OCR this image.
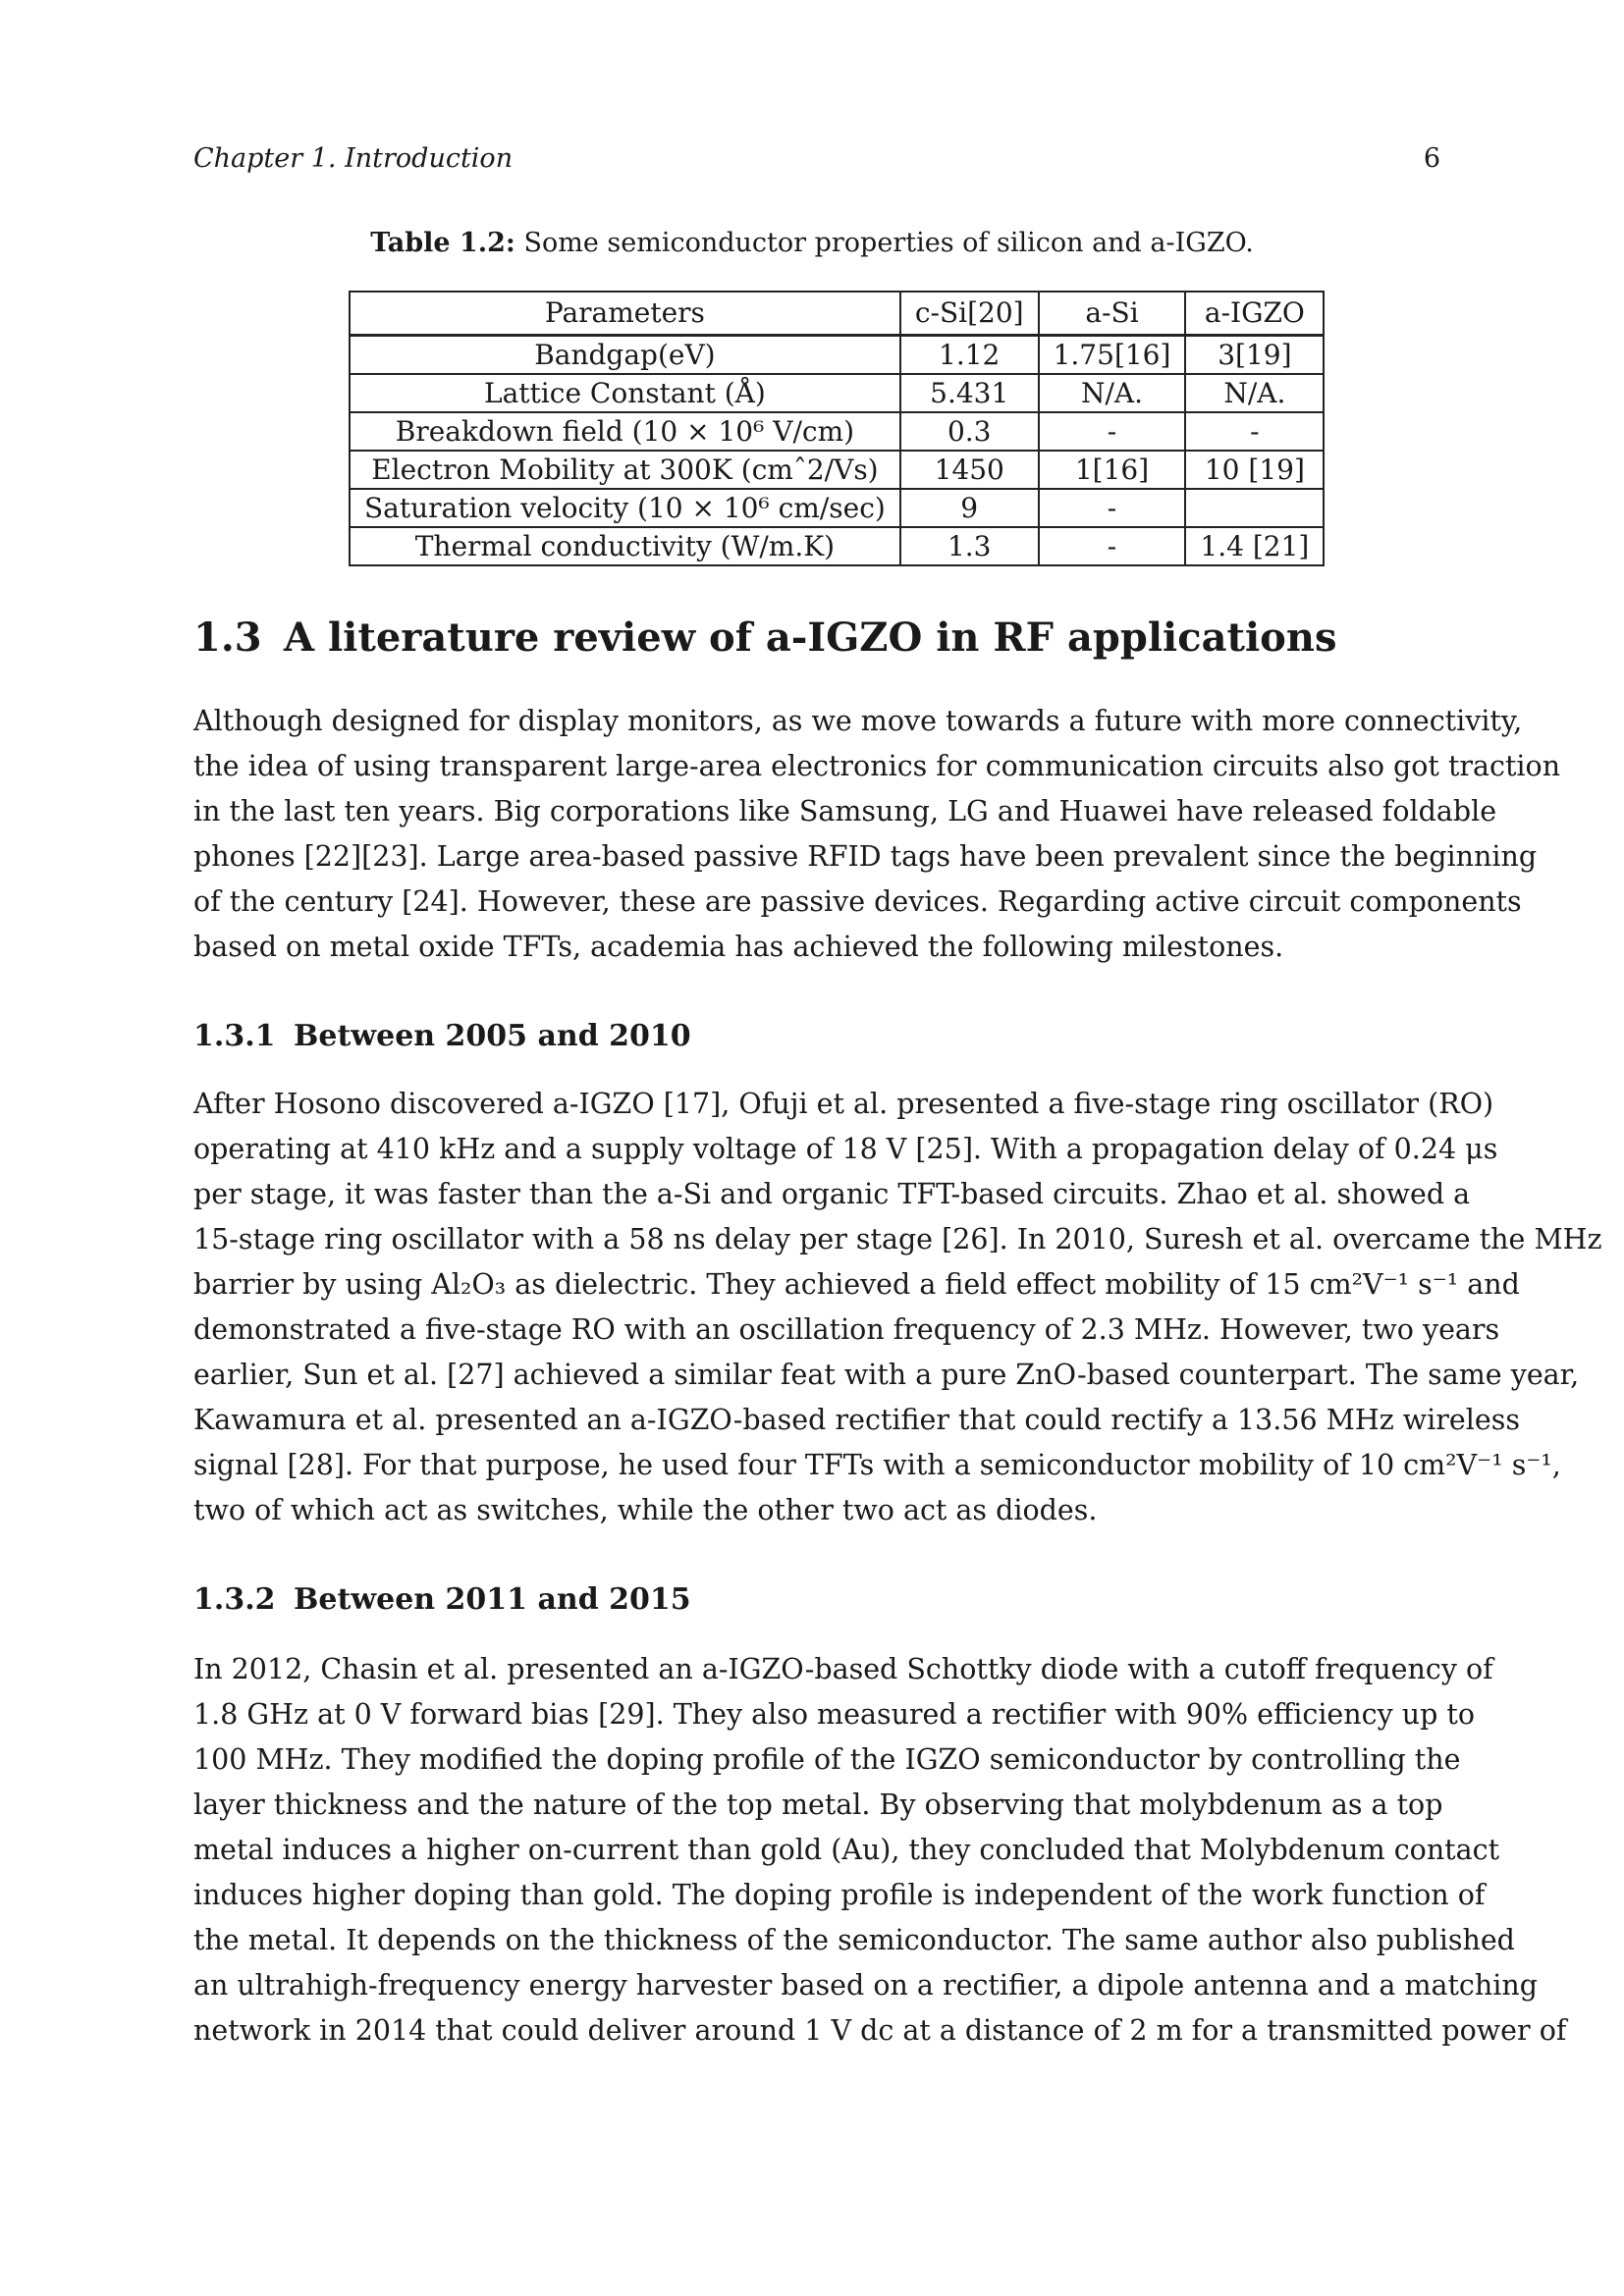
Chapter 1. Introduction	6
Table 1.2: Some semiconductor properties of silicon and a-IGZO.
Parameters	c-Si[20]	a-Si	a-IGZO
Bandgap(eV)	1.12	1.75[16]	3[19]
Lattice Constant (Å)	5.431	N/A.	N/A.
Breakdown field (10 × 10⁶ V/cm)	0.3	-	-
Electron Mobility at 300K (cmˆ2/Vs)	1450	1[16]	10 [19]
Saturation velocity (10 × 10⁶ cm/sec)	9	-	
Thermal conductivity (W/m.K)	1.3	-	1.4 [21]
1.3 A literature review of a-IGZO in RF applications
Although designed for display monitors, as we move towards a future with more connectivity,
the idea of using transparent large-area electronics for communication circuits also got traction
in the last ten years. Big corporations like Samsung, LG and Huawei have released foldable
phones [22][23]. Large area-based passive RFID tags have been prevalent since the beginning
of the century [24]. However, these are passive devices. Regarding active circuit components
based on metal oxide TFTs, academia has achieved the following milestones.
1.3.1 Between 2005 and 2010
After Hosono discovered a-IGZO [17], Ofuji et al. presented a five-stage ring oscillator (RO)
operating at 410 kHz and a supply voltage of 18 V [25]. With a propagation delay of 0.24 μs
per stage, it was faster than the a-Si and organic TFT-based circuits. Zhao et al. showed a
15-stage ring oscillator with a 58 ns delay per stage [26]. In 2010, Suresh et al. overcame the MHz
barrier by using Al₂O₃ as dielectric. They achieved a field effect mobility of 15 cm²V⁻¹ s⁻¹ and
demonstrated a five-stage RO with an oscillation frequency of 2.3 MHz. However, two years
earlier, Sun et al. [27] achieved a similar feat with a pure ZnO-based counterpart. The same year,
Kawamura et al. presented an a-IGZO-based rectifier that could rectify a 13.56 MHz wireless
signal [28]. For that purpose, he used four TFTs with a semiconductor mobility of 10 cm²V⁻¹ s⁻¹,
two of which act as switches, while the other two act as diodes.
1.3.2 Between 2011 and 2015
In 2012, Chasin et al. presented an a-IGZO-based Schottky diode with a cutoff frequency of
1.8 GHz at 0 V forward bias [29]. They also measured a rectifier with 90% efficiency up to
100 MHz. They modified the doping profile of the IGZO semiconductor by controlling the
layer thickness and the nature of the top metal. By observing that molybdenum as a top
metal induces a higher on-current than gold (Au), they concluded that Molybdenum contact
induces higher doping than gold. The doping profile is independent of the work function of
the metal. It depends on the thickness of the semiconductor. The same author also published
an ultrahigh-frequency energy harvester based on a rectifier, a dipole antenna and a matching
network in 2014 that could deliver around 1 V dc at a distance of 2 m for a transmitted power of
